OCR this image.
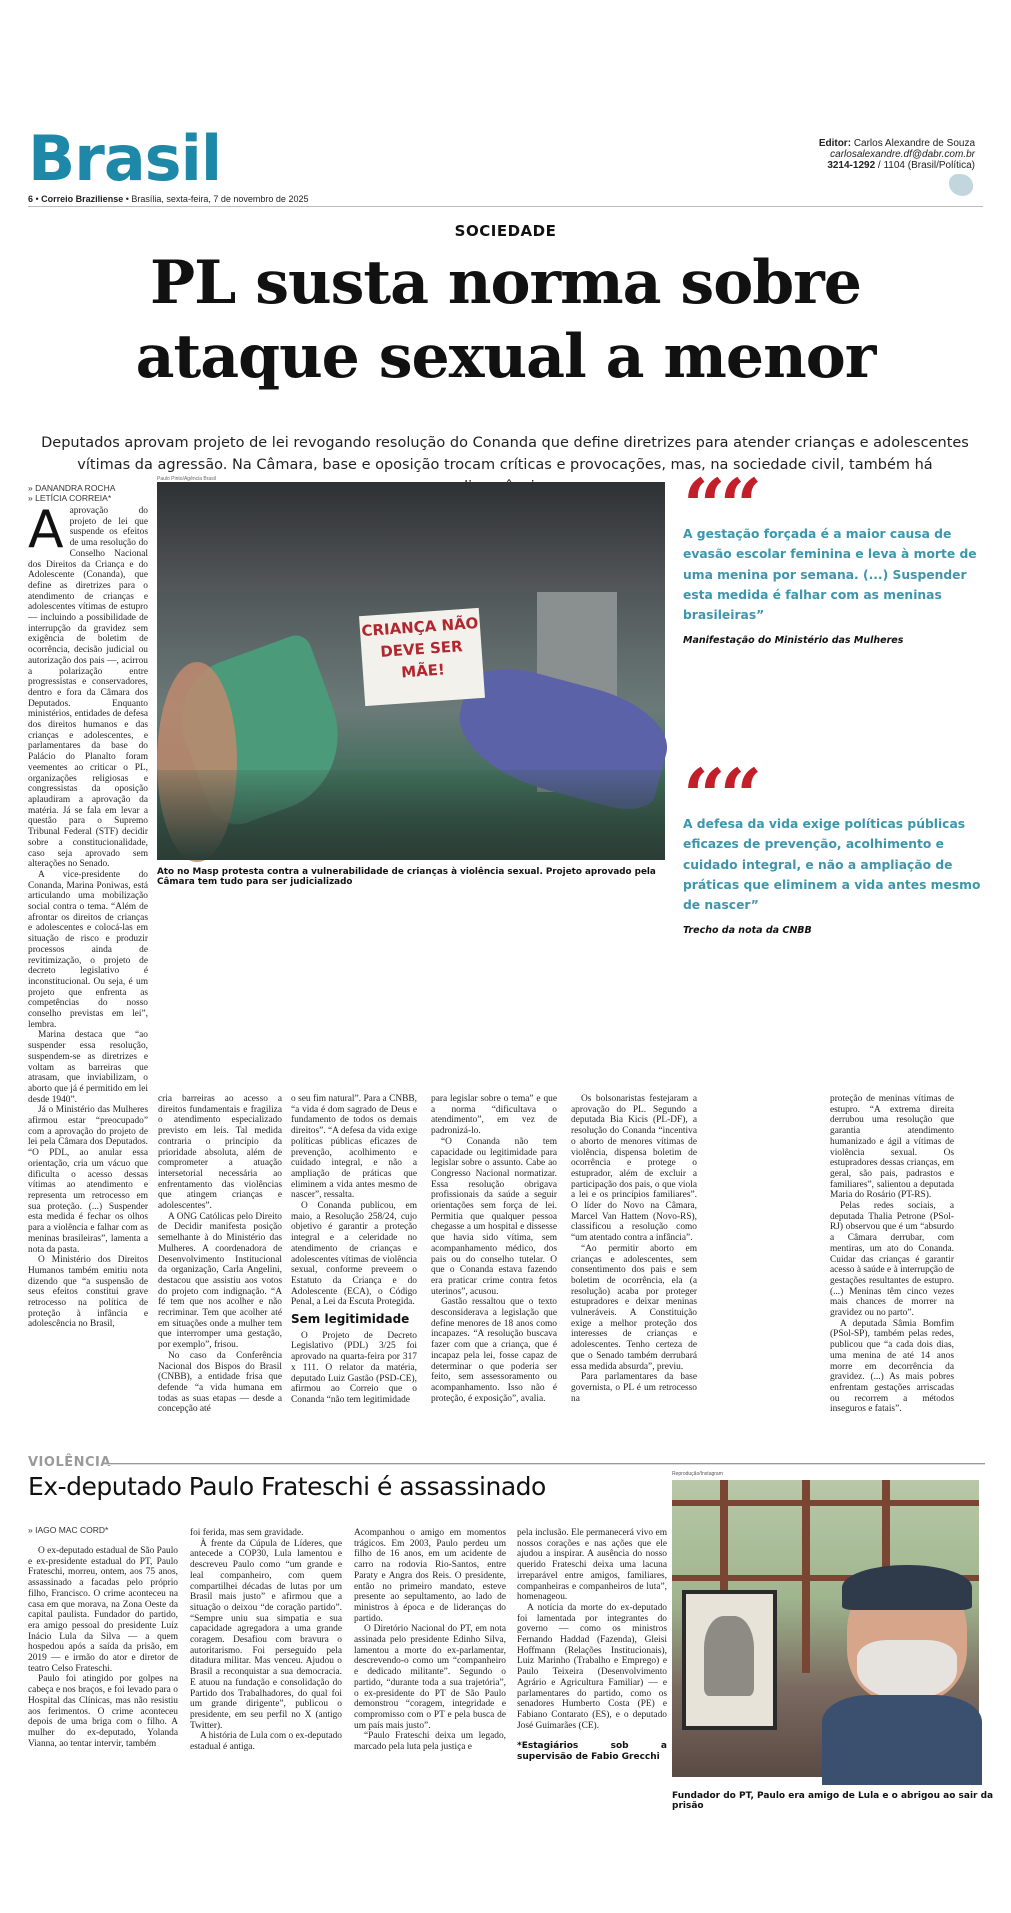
Brasil	Editor: Carlos Alexandre de Souza
carlosalexandre.df@dabr.com.br
3214-1292 / 1104 (Brasil/Política)
6 • Correio Braziliense • Brasília, sexta-feira, 7 de novembro de 2025
SOCIEDADE
PL susta norma sobre
ataque sexual a menor
Deputados aprovam projeto de lei revogando resolução do Conanda que define diretrizes para atender crianças e adolescentes
vítimas da agressão. Na Câmara, base e oposição trocam críticas e provocações, mas, na sociedade civil, também há
» DANANDRA ROCHA
» LETÍCIA CORREIA*

Aaprovação do projeto de lei que suspende os efeitos de uma resolução do Conselho Nacional dos Direitos da Criança e do Adolescente (Conanda), que define as diretrizes para o atendimento de crianças e adolescentes vítimas de estupro — incluindo a possibilidade de interrupção da gravidez sem exigência de boletim de ocorrência, decisão judicial ou autorização dos pais —, acirrou a polarização entre progressistas e conservadores, dentro e fora da Câmara dos Deputados. Enquanto ministérios, entidades de defesa dos direitos humanos e das crianças e adolescentes, e parlamentares da base do Palácio do Planalto foram veementes ao criticar o PL, organizações religiosas e congressistas da oposição aplaudiram a aprovação da matéria. Já se fala em levar a questão para o Supremo Tribunal Federal (STF) decidir sobre a constitucionalidade, caso seja aprovado sem alterações no Senado.

A vice-presidente do Conanda, Marina Poniwas, está articulando uma mobilização social contra o tema. “Além de afrontar os direitos de crianças e adolescentes e colocá-las em situação de risco e produzir processos ainda de revitimização, o projeto de decreto legislativo é inconstitucional. Ou seja, é um projeto que enfrenta as competências do nosso conselho previstas em lei”, lembra.

Marina destaca que “ao suspender essa resolução, suspendem-se as diretrizes e voltam as barreiras que atrasam, que inviabilizam, o aborto que já é permitido em lei desde 1940”.

Já o Ministério das Mulheres afirmou estar “preocupado” com a aprovação do projeto de lei pela Câmara dos Deputados. “O PDL, ao anular essa orientação, cria um vácuo que dificulta o acesso dessas vítimas ao atendimento e representa um retrocesso em sua proteção. (...) Suspender esta medida é fechar os olhos para a violência e falhar com as meninas brasileiras”, lamenta a nota da pasta.

O Ministério dos Direitos Humanos também emitiu nota dizendo que “a suspensão de seus efeitos constitui grave retrocesso na política de proteção à infância e adolescência no Brasil,

Paulo Pinto/Agência Brasil
CRIANÇA NÃO DEVE SER MÃE!
Ato no Masp protesta contra a vulnerabilidade de crianças à violência sexual. Projeto aprovado pela Câmara tem tudo para ser judicializado
““
A gestação forçada é a maior causa de evasão escolar feminina e leva à morte de uma menina por semana. (...) Suspender esta medida é falhar com as meninas brasileiras”
Manifestação do Ministério das Mulheres
““
A defesa da vida exige políticas públicas eficazes de prevenção, acolhimento e cuidado integral, e não a ampliação de práticas que eliminem a vida antes mesmo de nascer”
Trecho da nota da CNBB

cria barreiras ao acesso a direitos fundamentais e fragiliza o atendimento especializado previsto em leis. Tal medida contraria o princípio da prioridade absoluta, além de comprometer a atuação intersetorial necessária ao enfrentamento das violências que atingem crianças e adolescentes”.

A ONG Católicas pelo Direito de Decidir manifesta posição semelhante à do Ministério das Mulheres. A coordenadora de Desenvolvimento Institucional da organização, Carla Angelini, destacou que assistiu aos votos do projeto com indignação. “A fé tem que nos acolher e não recriminar. Tem que acolher até em situações onde a mulher tem que interromper uma gestação, por exemplo”, frisou.

No caso da Conferência Nacional dos Bispos do Brasil (CNBB), a entidade frisa que defende “a vida humana em todas as suas etapas — desde a concepção até

o seu fim natural”. Para a CNBB, “a vida é dom sagrado de Deus e fundamento de todos os demais direitos”. “A defesa da vida exige políticas públicas eficazes de prevenção, acolhimento e cuidado integral, e não a ampliação de práticas que eliminem a vida antes mesmo de nascer”, ressalta.

O Conanda publicou, em maio, a Resolução 258/24, cujo objetivo é garantir a proteção integral e a celeridade no atendimento de crianças e adolescentes vítimas de violência sexual, conforme preveem o Estatuto da Criança e do Adolescente (ECA), o Código Penal, a Lei da Escuta Protegida.

Sem legitimidade

O Projeto de Decreto Legislativo (PDL) 3/25 foi aprovado na quarta-feira por 317 x 111. O relator da matéria, deputado Luiz Gastão (PSD-CE), afirmou ao Correio que o Conanda “não tem legitimidade

para legislar sobre o tema” e que a norma “dificultava o atendimento”, em vez de padronizá-lo.

“O Conanda não tem capacidade ou legitimidade para legislar sobre o assunto. Cabe ao Congresso Nacional normatizar. Essa resolução obrigava profissionais da saúde a seguir orientações sem força de lei. Permitia que qualquer pessoa chegasse a um hospital e dissesse que havia sido vítima, sem acompanhamento médico, dos pais ou do conselho tutelar. O que o Conanda estava fazendo era praticar crime contra fetos uterinos”, acusou.

Gastão ressaltou que o texto desconsiderava a legislação que define menores de 18 anos como incapazes. “A resolução buscava fazer com que a criança, que é incapaz pela lei, fosse capaz de determinar o que poderia ser feito, sem assessoramento ou acompanhamento. Isso não é proteção, é exposição”, avalia.

Os bolsonaristas festejaram a aprovação do PL. Segundo a deputada Bia Kicis (PL-DF), a resolução do Conanda “incentiva o aborto de menores vítimas de violência, dispensa boletim de ocorrência e protege o estuprador, além de excluir a participação dos pais, o que viola a lei e os princípios familiares”. O líder do Novo na Câmara, Marcel Van Hattem (Novo-RS), classificou a resolução como “um atentado contra a infância”.

“Ao permitir aborto em crianças e adolescentes, sem consentimento dos pais e sem boletim de ocorrência, ela (a resolução) acaba por proteger estupradores e deixar meninas vulneráveis. A Constituição exige a melhor proteção dos interesses de crianças e adolescentes. Tenho certeza de que o Senado também derrubará essa medida absurda”, previu.

Para parlamentares da base governista, o PL é um retrocesso na

proteção de meninas vítimas de estupro. “A extrema direita derrubou uma resolução que garantia atendimento humanizado e ágil a vítimas de violência sexual. Os estupradores dessas crianças, em geral, são pais, padrastos e familiares”, salientou a deputada Maria do Rosário (PT-RS).

Pelas redes sociais, a deputada Thalia Petrone (PSol-RJ) observou que é um “absurdo a Câmara derrubar, com mentiras, um ato do Conanda. Cuidar das crianças é garantir acesso à saúde e à interrupção de gestações resultantes de estupro. (...) Meninas têm cinco vezes mais chances de morrer na gravidez ou no parto”.

A deputada Sâmia Bomfim (PSol-SP), também pelas redes, publicou que “a cada dois dias, uma menina de até 14 anos morre em decorrência da gravidez. (...) As mais pobres enfrentam gestações arriscadas ou recorrem a métodos inseguros e fatais”.

VIOLÊNCIA
Ex-deputado Paulo Frateschi é assassinado
» IAGO MAC CORD*

O ex-deputado estadual de São Paulo e ex-presidente estadual do PT, Paulo Frateschi, morreu, ontem, aos 75 anos, assassinado a facadas pelo próprio filho, Francisco. O crime aconteceu na casa em que morava, na Zona Oeste da capital paulista. Fundador do partido, era amigo pessoal do presidente Luiz Inácio Lula da Silva — a quem hospedou após a saída da prisão, em 2019 — e irmão do ator e diretor de teatro Celso Frateschi.

Paulo foi atingido por golpes na cabeça e nos braços, e foi levado para o Hospital das Clínicas, mas não resistiu aos ferimentos. O crime aconteceu depois de uma briga com o filho. A mulher do ex-deputado, Yolanda Vianna, ao tentar intervir, também

foi ferida, mas sem gravidade.

À frente da Cúpula de Líderes, que antecede a COP30, Lula lamentou e descreveu Paulo como “um grande e leal companheiro, com quem compartilhei décadas de lutas por um Brasil mais justo” e afirmou que a situação o deixou “de coração partido”. “Sempre uniu sua simpatia e sua capacidade agregadora a uma grande coragem. Desafiou com bravura o autoritarismo. Foi perseguido pela ditadura militar. Mas venceu. Ajudou o Brasil a reconquistar a sua democracia. E atuou na fundação e consolidação do Partido dos Trabalhadores, do qual foi um grande dirigente”, publicou o presidente, em seu perfil no X (antigo Twitter).

A história de Lula com o ex-deputado estadual é antiga.

Acompanhou o amigo em momentos trágicos. Em 2003, Paulo perdeu um filho de 16 anos, em um acidente de carro na rodovia Rio-Santos, entre Paraty e Angra dos Reis. O presidente, então no primeiro mandato, esteve presente ao sepultamento, ao lado de ministros à época e de lideranças do partido.

O Diretório Nacional do PT, em nota assinada pelo presidente Edinho Silva, lamentou a morte do ex-parlamentar, descrevendo-o como um “companheiro e dedicado militante”. Segundo o partido, “durante toda a sua trajetória”, o ex-presidente do PT de São Paulo demonstrou “coragem, integridade e compromisso com o PT e pela busca de um país mais justo”.

“Paulo Frateschi deixa um legado, marcado pela luta pela justiça e

pela inclusão. Ele permanecerá vivo em nossos corações e nas ações que ele ajudou a inspirar. A ausência do nosso querido Frateschi deixa uma lacuna irreparável entre amigos, familiares, companheiras e companheiros de luta”, homenageou.

A notícia da morte do ex-deputado foi lamentada por integrantes do governo — como os ministros Fernando Haddad (Fazenda), Gleisi Hoffmann (Relações Institucionais), Luiz Marinho (Trabalho e Emprego) e Paulo Teixeira (Desenvolvimento Agrário e Agricultura Familiar) — e parlamentares do partido, como os senadores Humberto Costa (PE) e Fabiano Contarato (ES), e o deputado José Guimarães (CE).

*Estagiários sob a supervisão de Fabio Grecchi
Reprodução/Instagram
Fundador do PT, Paulo era amigo de Lula e o abrigou ao sair da prisão
